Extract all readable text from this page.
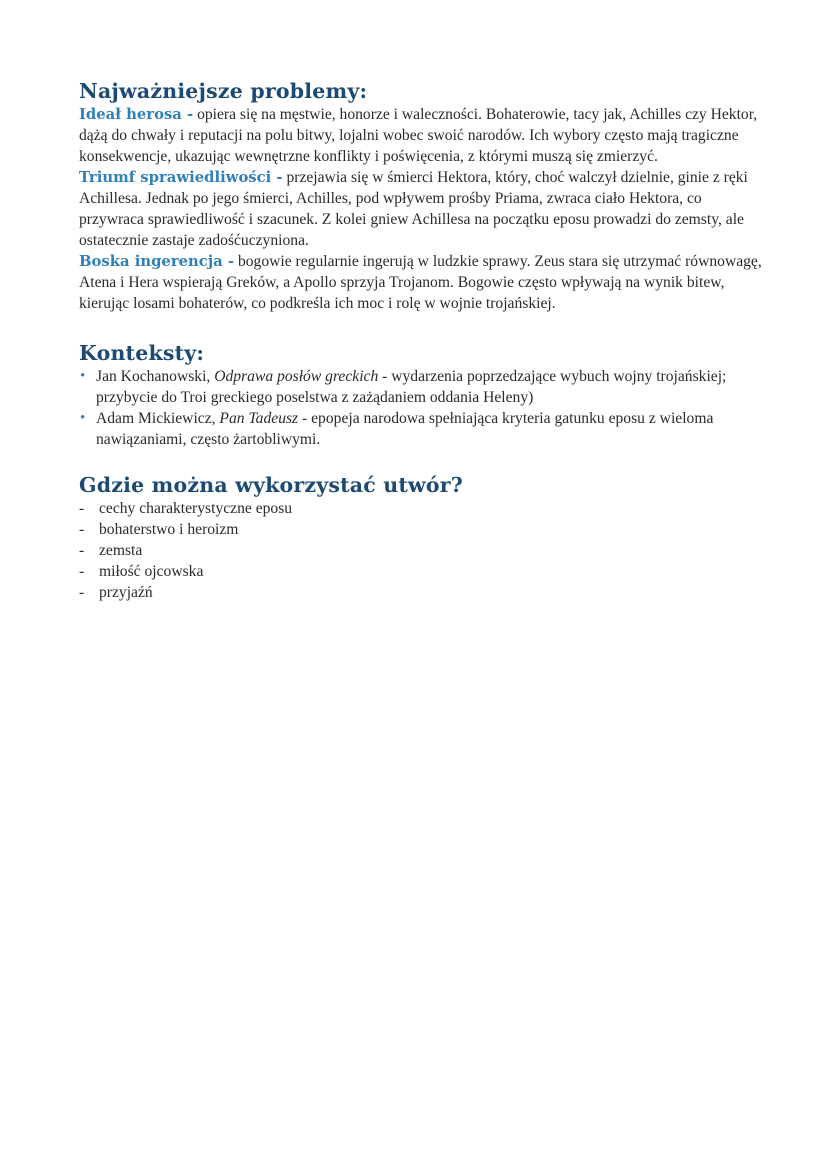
Najważniejsze problemy:

Ideał herosa - opiera się na męstwie, honorze i waleczności. Bohaterowie, tacy jak, Achilles czy Hektor, dążą do chwały i reputacji na polu bitwy, lojalni wobec swoić narodów. Ich wybory często mają tragiczne konsekwencje, ukazując wewnętrzne konflikty i poświęcenia, z którymi muszą się zmierzyć.

Triumf sprawiedliwości - przejawia się w śmierci Hektora, który, choć walczył dzielnie, ginie z ręki Achillesa. Jednak po jego śmierci, Achilles, pod wpływem prośby Priama, zwraca ciało Hektora, co przywraca sprawiedliwość i szacunek. Z kolei gniew Achillesa na początku eposu prowadzi do zemsty, ale ostatecznie zastaje zadośćuczyniona.

Boska ingerencja - bogowie regularnie ingerują w ludzkie sprawy. Zeus stara się utrzymać równowagę, Atena i Hera wspierają Greków, a Apollo sprzyja Trojanom. Bogowie często wpływają na wynik bitew, kierując losami bohaterów, co podkreśla ich moc i rolę w wojnie trojańskiej.

Konteksty:
• Jan Kochanowski, Odprawa posłów greckich - wydarzenia poprzedzające wybuch wojny trojańskiej; przybycie do Troi greckiego poselstwa z zażądaniem oddania Heleny)
• Adam Mickiewicz, Pan Tadeusz - epopeja narodowa spełniająca kryteria gatunku eposu z wieloma nawiązaniami, często żartobliwymi.
Gdzie można wykorzystać utwór?
- cechy charakterystyczne eposu
- bohaterstwo i heroizm
- zemsta
- miłość ojcowska
- przyjaźń
